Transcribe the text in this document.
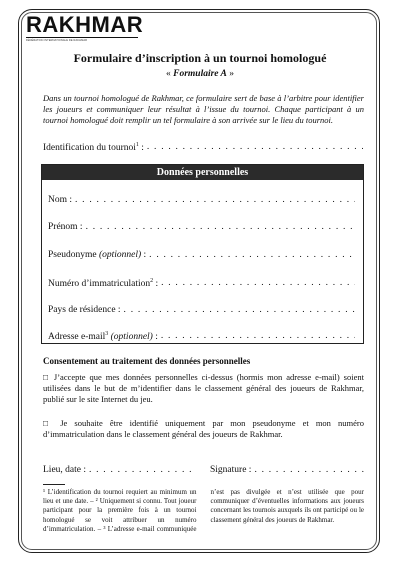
RAKHMAR
FÉDÉRATION INTERNATIONALE DE RAKHMAR
Formulaire d’inscription à un tournoi homologué
« Formulaire A »
Dans un tournoi homologué de Rakhmar, ce formulaire sert de base à l’arbitre pour identifier les joueurs et communiquer leur résultat à l’issue du tournoi. Chaque participant à un tournoi homologué doit remplir un tel formulaire à son arrivée sur le lieu du tournoi.
Identification du tournoi$^1$ :
. . .
Données personnelles
Nom :
. . .
Prénom :
. . .
Pseudonyme (optionnel) :
. . .
Numéro d’immatriculation$^2$ :
. . .
Pays de résidence :
. . .
Adresse e-mail$^3$ (optionnel) :
. . .
Consentement au traitement des données personnelles
□ J’accepte que mes données personnelles ci-dessus (hormis mon adresse e-mail) soient utilisées dans le but de m’identifier dans le classement général des joueurs de Rakhmar, publié sur le site Internet du jeu.
□ Je souhaite être identifié uniquement par mon pseudonyme et mon numéro d’immatriculation dans le classement général des joueurs de Rakhmar.
Lieu, date :
. . .	Signature :
. . .
¹ L’identification du tournoi requiert au minimum un lieu et une date. – ² Uniquement si connu. Tout joueur participant pour la première fois à un tournoi homologué se voit attribuer un numéro d’immatriculation. – ³ L’adresse e-mail communiquée n’est pas divulgée et n’est utilisée que pour communiquer d’éventuelles informations aux joueurs concernant les tournois auxquels ils ont participé ou le classement général des joueurs de Rakhmar.
